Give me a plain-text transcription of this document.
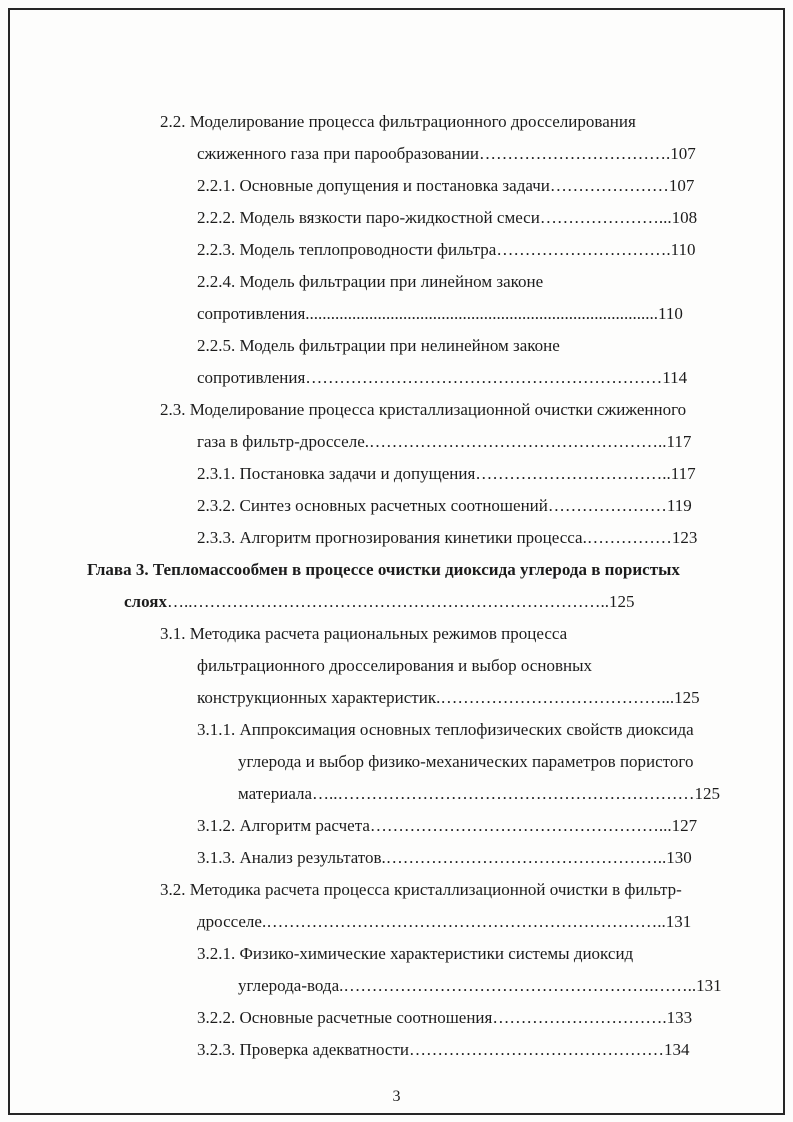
2.2. Моделирование процесса фильтрационного дросселирования
сжиженного газа при парообразовании…………………………….107
2.2.1. Основные допущения и постановка задачи…………………107
2.2.2. Модель вязкости паро-жидкостной смеси…………………...108
2.2.3. Модель теплопроводности фильтра………………………….110
2.2.4. Модель фильтрации при линейном законе
сопротивления...................................................................................110
2.2.5. Модель фильтрации при нелинейном законе
сопротивления………………………………………………………114
2.3. Моделирование процесса кристаллизационной очистки сжиженного
газа в фильтр-дросселе.……………………………………………..117
2.3.1. Постановка задачи и допущения……………………………..117
2.3.2. Синтез основных расчетных соотношений…………………119
2.3.3. Алгоритм прогнозирования кинетики процесса.……………123
Глава 3. Тепломассообмен в процессе очистки диоксида углерода в пористых
слоях…..………………………………………………………………..125
3.1. Методика расчета рациональных режимов процесса
фильтрационного дросселирования и выбор основных
конструкционных характеристик.…………………………………...125
3.1.1. Аппроксимация основных теплофизических свойств диоксида
углерода и выбор физико-механических параметров пористого
материала…..………………………………………………………125
3.1.2. Алгоритм расчета……………………………………………...127
3.1.3. Анализ результатов.…………………………………………..130
3.2. Методика расчета процесса кристаллизационной очистки в фильтр-
дросселе.……………………………………………………………..131
3.2.1. Физико-химические характеристики системы диоксид
углерода-вода.……………………………………………….……..131
3.2.2. Основные расчетные соотношения………………………….133
3.2.3. Проверка адекватности………………………………………134
3
